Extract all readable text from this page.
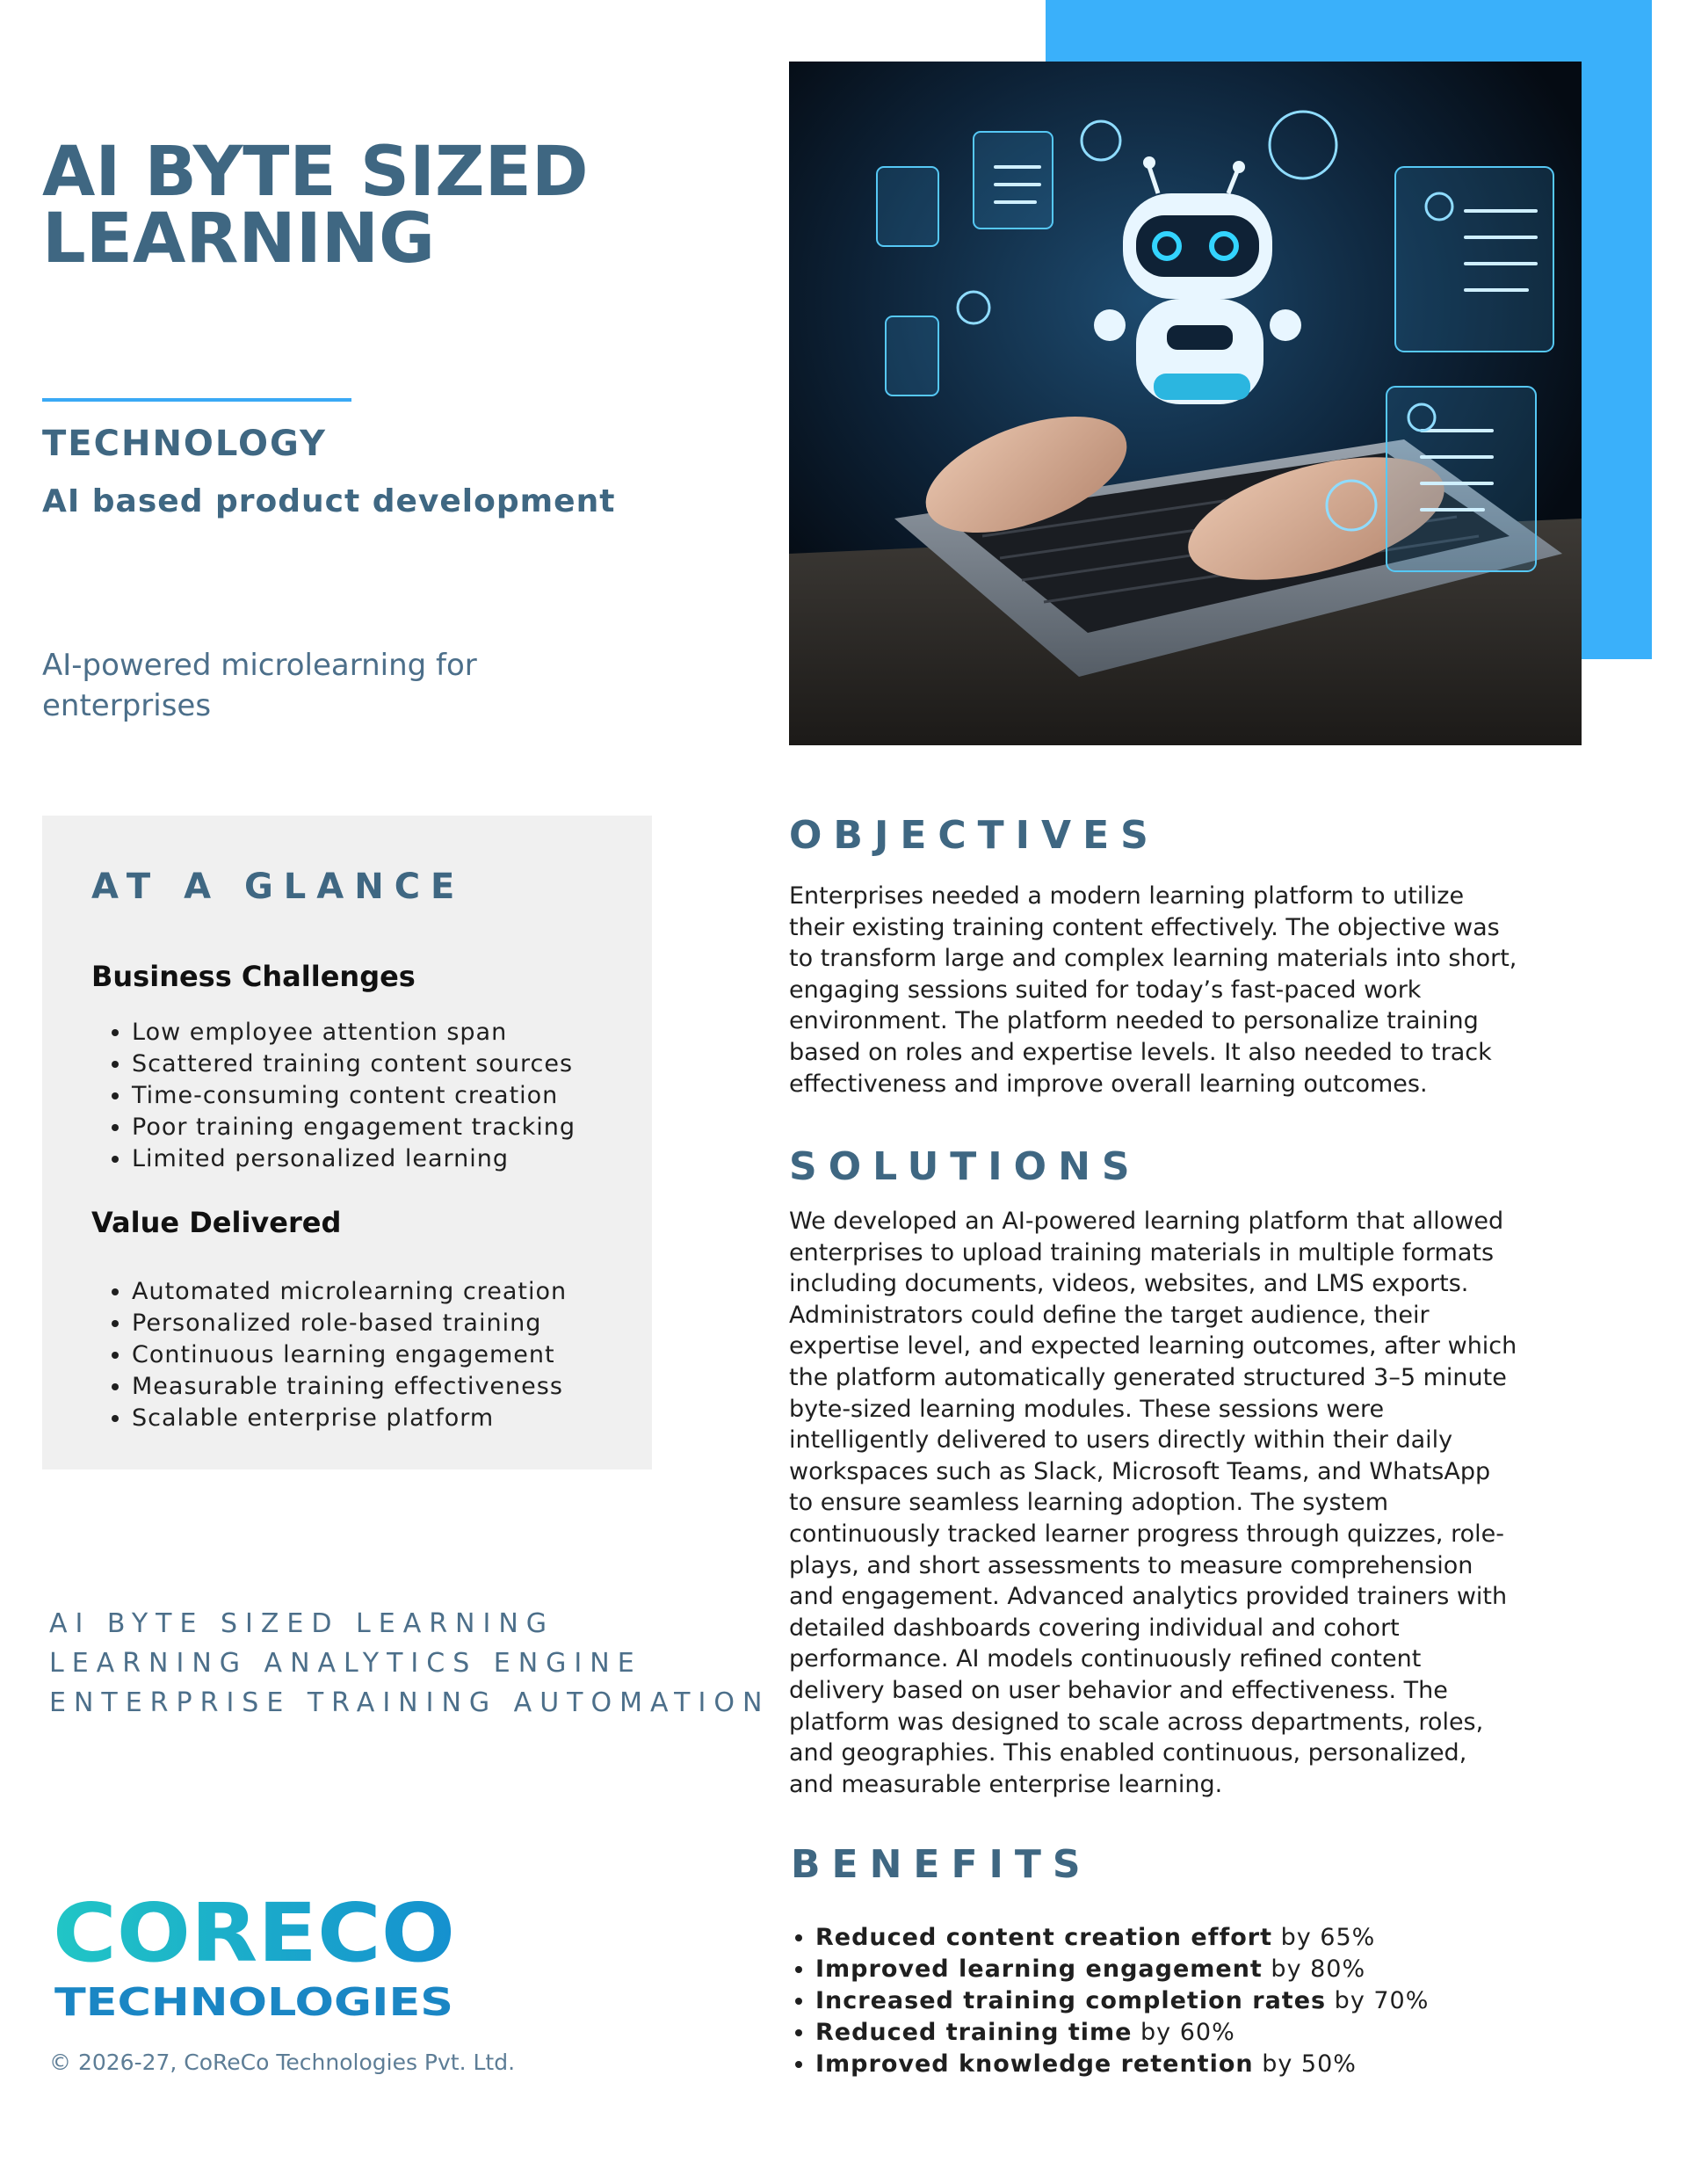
AI BYTE SIZED LEARNING
TECHNOLOGY
AI based product development
AI-powered microlearning for enterprises
AT A GLANCE
Business Challenges
• Low employee attention span
• Scattered training content sources
• Time-consuming content creation
• Poor training engagement tracking
• Limited personalized learning
Value Delivered
• Automated microlearning creation
• Personalized role-based training
• Continuous learning engagement
• Measurable training effectiveness
• Scalable enterprise platform
AI BYTE SIZED LEARNING
LEARNING ANALYTICS ENGINE
ENTERPRISE TRAINING AUTOMATION
CORECO
TECHNOLOGIES
© 2026-27, CoReCo Technologies Pvt. Ltd.
OBJECTIVES
Enterprises needed a modern learning platform to utilize their existing training content effectively. The objective was to transform large and complex learning materials into short, engaging sessions suited for today’s fast-paced work environment. The platform needed to personalize training based on roles and expertise levels. It also needed to track effectiveness and improve overall learning outcomes.
SOLUTIONS
We developed an AI-powered learning platform that allowed enterprises to upload training materials in multiple formats including documents, videos, websites, and LMS exports. Administrators could define the target audience, their expertise level, and expected learning outcomes, after which the platform automatically generated structured 3–5 minute byte-sized learning modules. These sessions were intelligently delivered to users directly within their daily workspaces such as Slack, Microsoft Teams, and WhatsApp to ensure seamless learning adoption. The system continuously tracked learner progress through quizzes, role-plays, and short assessments to measure comprehension and engagement. Advanced analytics provided trainers with detailed dashboards covering individual and cohort performance. AI models continuously refined content delivery based on user behavior and effectiveness. The platform was designed to scale across departments, roles, and geographies. This enabled continuous, personalized, and measurable enterprise learning.
BENEFITS
• Reduced content creation effort by 65%
• Improved learning engagement by 80%
• Increased training completion rates by 70%
• Reduced training time by 60%
• Improved knowledge retention by 50%
